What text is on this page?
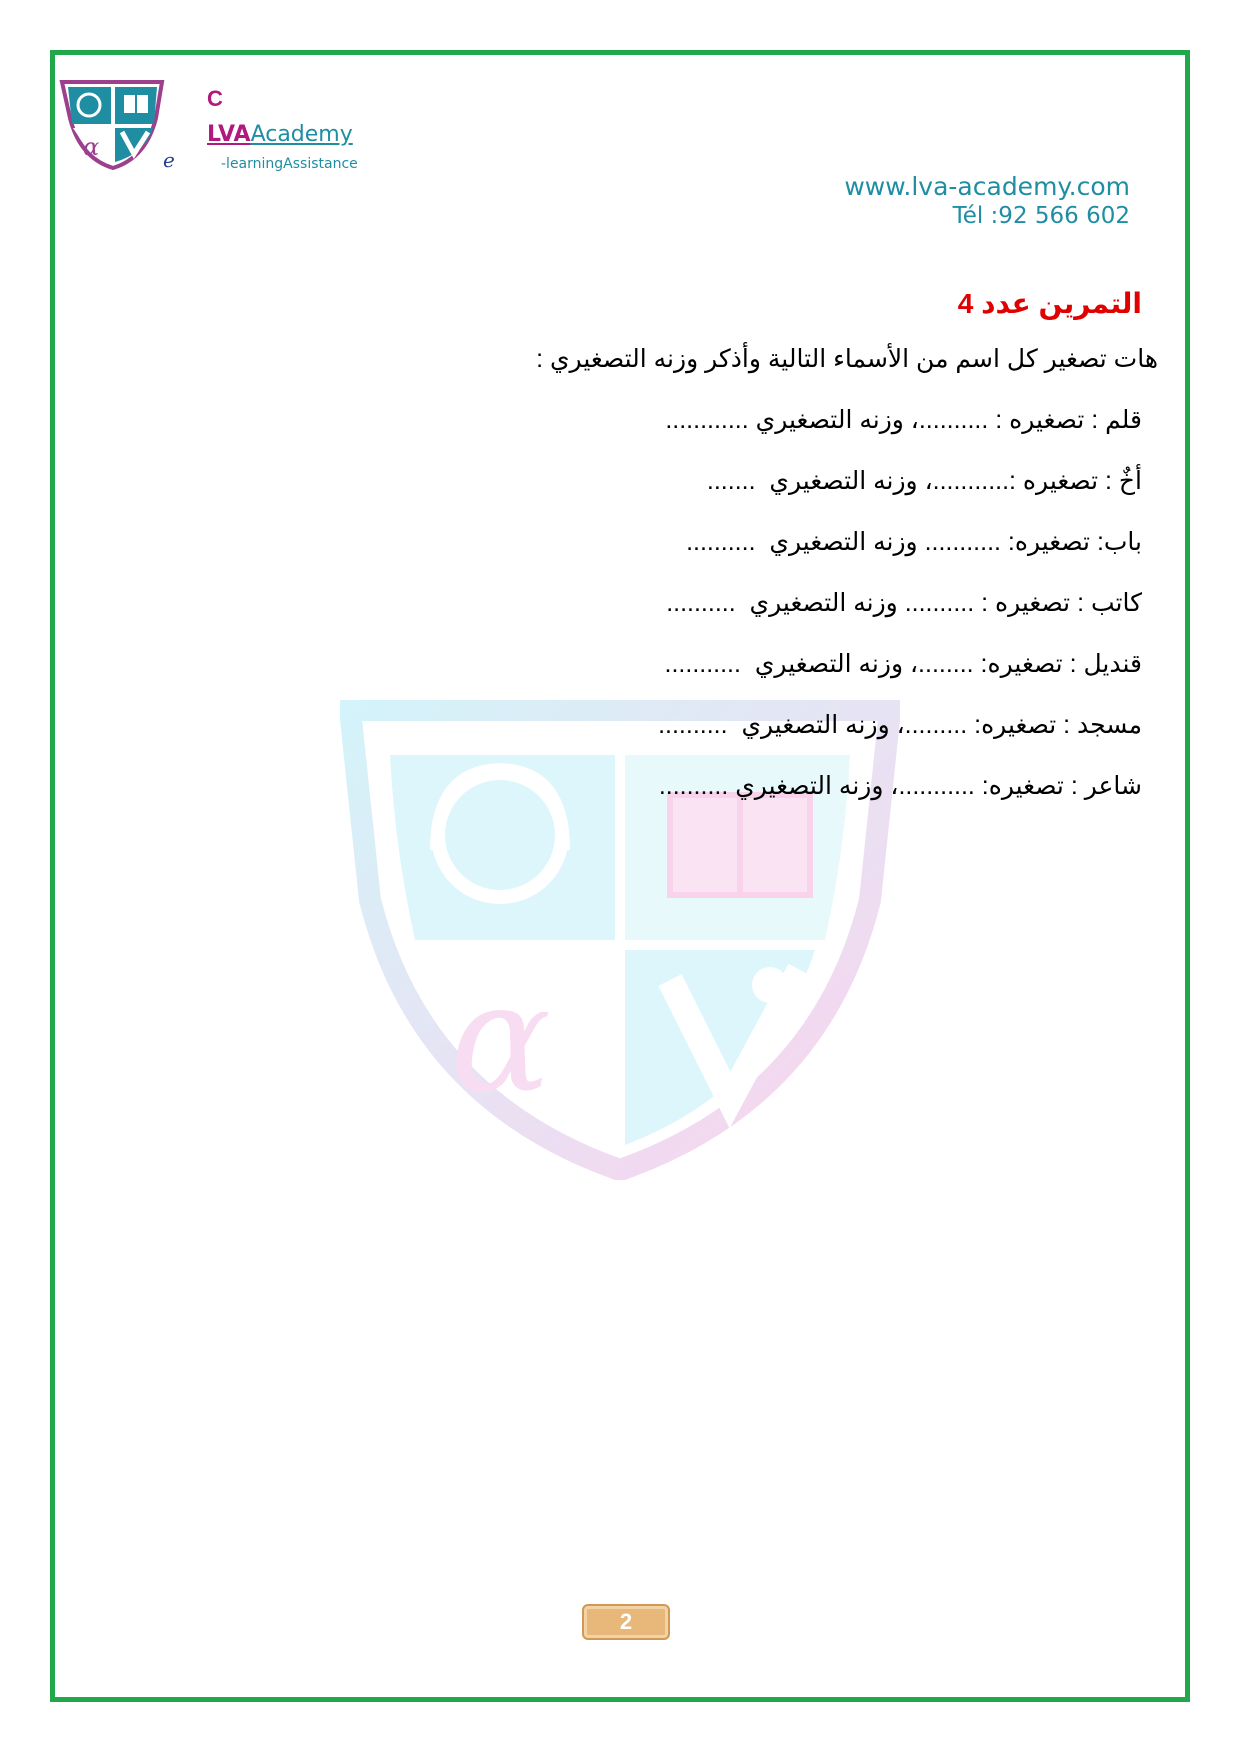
α	e
C
LVAAcademy
-learningAssistance
www.lva-academy.com
Tél :92 566 602
α
التمرين عدد 4
هات تصغير كل اسم من الأسماء التالية وأذكر وزنه التصغيري :
قلم : تصغيره : ..........، وزنه التصغيري ............
أخٌ : تصغيره :...........، وزنه التصغيري  .......
باب: تصغيره: ........... وزنه التصغيري  ..........
كاتب : تصغيره : .......... وزنه التصغيري  ..........
قنديل : تصغيره: ........، وزنه التصغيري  ...........
مسجد : تصغيره: .........، وزنه التصغيري  ..........
شاعر : تصغيره: ...........، وزنه التصغيري ..........
2
